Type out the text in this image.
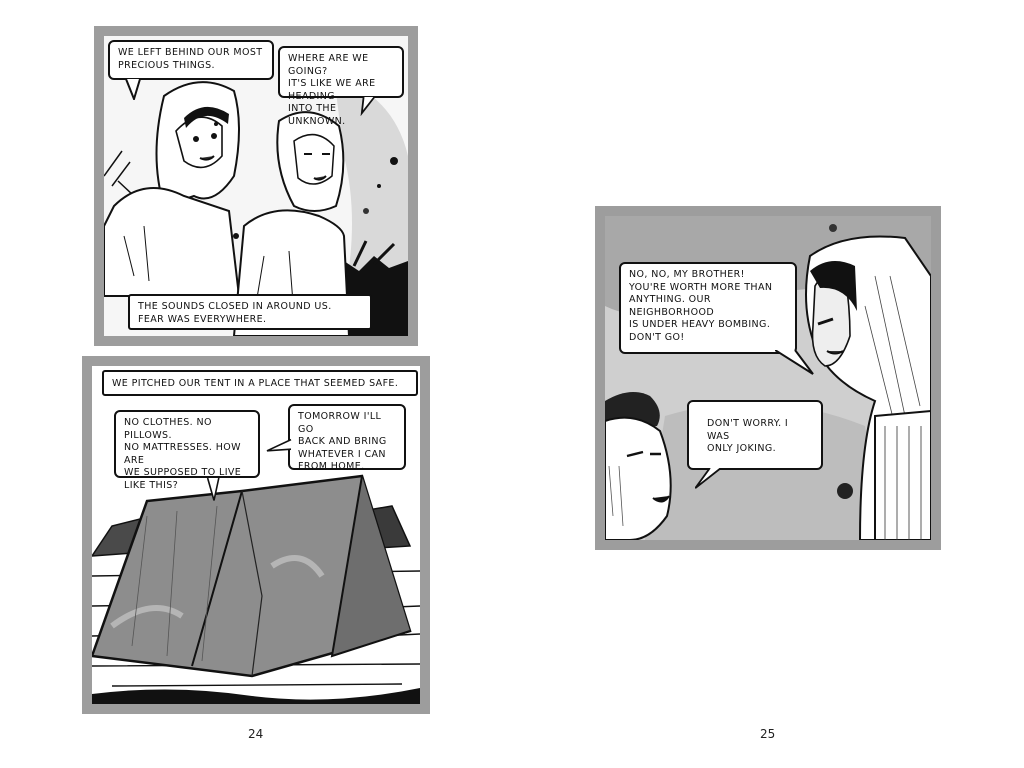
WE LEFT BEHIND OUR MOST
PRECIOUS THINGS.
WHERE ARE WE GOING?
IT'S LIKE WE ARE HEADING
INTO THE UNKNOWN.
THE SOUNDS CLOSED IN AROUND US.
FEAR WAS EVERYWHERE.
WE PITCHED OUR TENT IN A PLACE THAT SEEMED SAFE.
NO CLOTHES. NO PILLOWS.
NO MATTRESSES. HOW ARE
WE SUPPOSED TO LIVE
LIKE THIS?
TOMORROW I'LL GO
BACK AND BRING
WHATEVER I CAN
FROM HOME.
24
NO, NO, MY BROTHER!
YOU'RE WORTH MORE THAN
ANYTHING. OUR NEIGHBORHOOD
IS UNDER HEAVY BOMBING.
DON'T GO!
DON'T WORRY. I WAS
ONLY JOKING.
25
